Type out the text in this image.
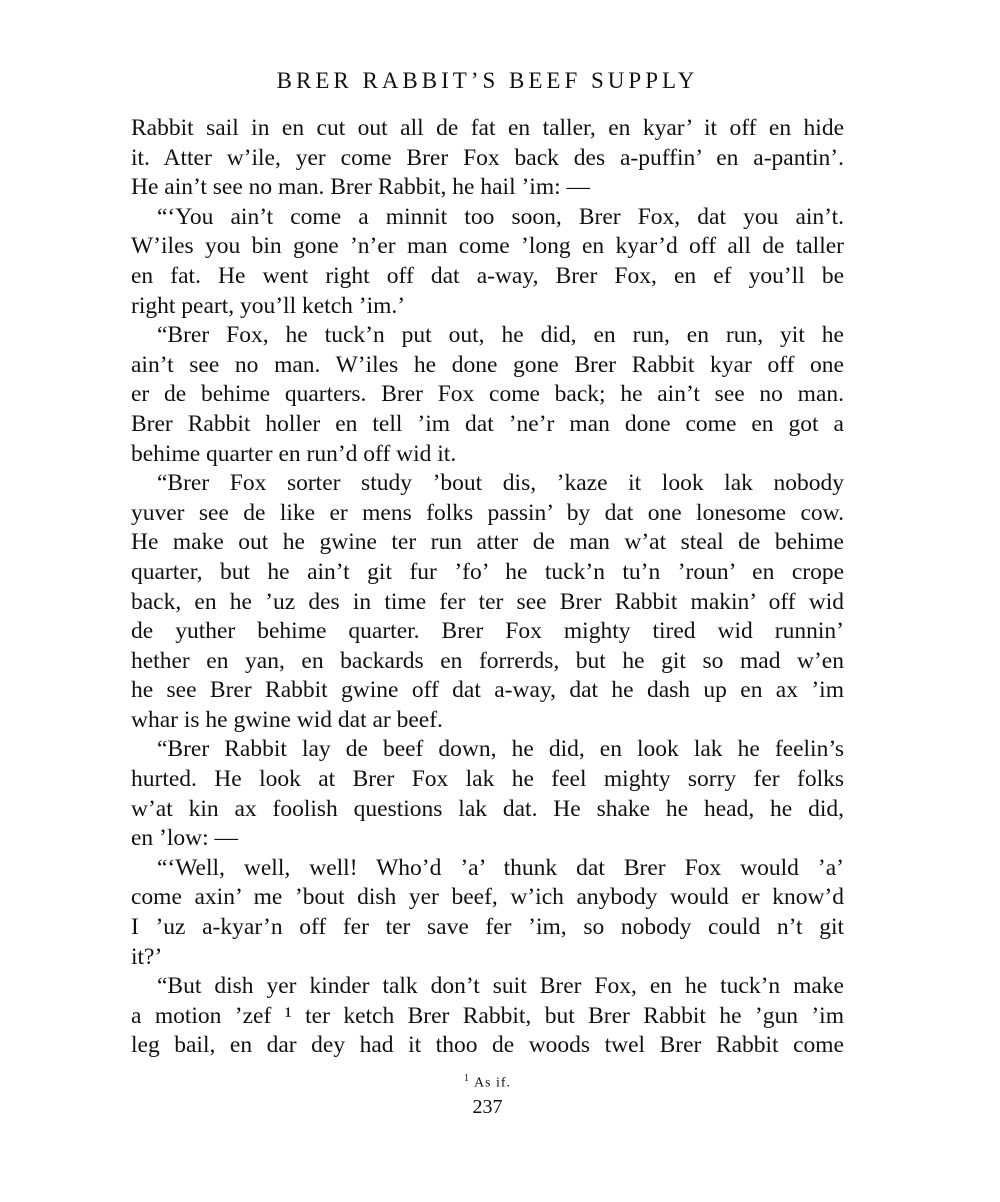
BRER RABBIT’S BEEF SUPPLY
Rabbit sail in en cut out all de fat en taller, en kyar’ it off en hide
it. Atter w’ile, yer come Brer Fox back des a-puffin’ en a-pantin’.
He ain’t see no man. Brer Rabbit, he hail ’im: —
“‘You ain’t come a minnit too soon, Brer Fox, dat you ain’t.
W’iles you bin gone ’n’er man come ’long en kyar’d off all de taller
en fat. He went right off dat a-way, Brer Fox, en ef you’ll be
right peart, you’ll ketch ’im.’
“Brer Fox, he tuck’n put out, he did, en run, en run, yit he
ain’t see no man. W’iles he done gone Brer Rabbit kyar off one
er de behime quarters. Brer Fox come back; he ain’t see no man.
Brer Rabbit holler en tell ’im dat ’ne’r man done come en got a
behime quarter en run’d off wid it.
“Brer Fox sorter study ’bout dis, ’kaze it look lak nobody
yuver see de like er mens folks passin’ by dat one lonesome cow.
He make out he gwine ter run atter de man w’at steal de behime
quarter, but he ain’t git fur ’fo’ he tuck’n tu’n ’roun’ en crope
back, en he ’uz des in time fer ter see Brer Rabbit makin’ off wid
de yuther behime quarter. Brer Fox mighty tired wid runnin’
hether en yan, en backards en forrerds, but he git so mad w’en
he see Brer Rabbit gwine off dat a-way, dat he dash up en ax ’im
whar is he gwine wid dat ar beef.
“Brer Rabbit lay de beef down, he did, en look lak he feelin’s
hurted. He look at Brer Fox lak he feel mighty sorry fer folks
w’at kin ax foolish questions lak dat. He shake he head, he did,
en ’low: —
“‘Well, well, well! Who’d ’a’ thunk dat Brer Fox would ’a’
come axin’ me ’bout dish yer beef, w’ich anybody would er know’d
I ’uz a-kyar’n off fer ter save fer ’im, so nobody could n’t git
it?’
“But dish yer kinder talk don’t suit Brer Fox, en he tuck’n make
a motion ’zef ¹ ter ketch Brer Rabbit, but Brer Rabbit he ’gun ’im
leg bail, en dar dey had it thoo de woods twel Brer Rabbit come
$^1$ As if.
237
